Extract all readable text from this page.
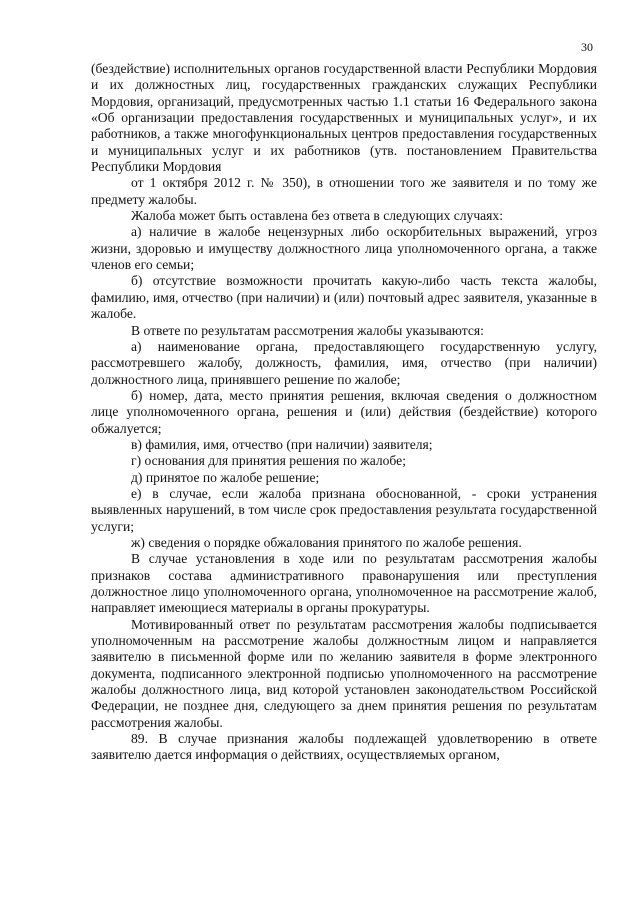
30

(бездействие) исполнительных органов государственной власти Республики Мордовия и их должностных лиц, государственных гражданских служащих Республики Мордовия, организаций, предусмотренных частью 1.1 статьи 16 Федерального закона «Об организации предоставления государственных и муниципальных услуг», и их работников, а также многофункциональных центров предоставления государственных и муниципальных услуг и их работников (утв. постановлением Правительства Республики Мордовия

от 1 октября 2012 г. № 350), в отношении того же заявителя и по тому же предмету жалобы.

Жалоба может быть оставлена без ответа в следующих случаях:

а) наличие в жалобе нецензурных либо оскорбительных выражений, угроз жизни, здоровью и имуществу должностного лица уполномоченного органа, а также членов его семьи;

б) отсутствие возможности прочитать какую-либо часть текста жалобы, фамилию, имя, отчество (при наличии) и (или) почтовый адрес заявителя, указанные в жалобе.

В ответе по результатам рассмотрения жалобы указываются:

а) наименование органа, предоставляющего государственную услугу, рассмотревшего жалобу, должность, фамилия, имя, отчество (при наличии) должностного лица, принявшего решение по жалобе;

б) номер, дата, место принятия решения, включая сведения о должностном лице уполномоченного органа, решения и (или) действия (бездействие) которого обжалуется;

в) фамилия, имя, отчество (при наличии) заявителя;

г) основания для принятия решения по жалобе;

д) принятое по жалобе решение;

е) в случае, если жалоба признана обоснованной, - сроки устранения выявленных нарушений, в том числе срок предоставления результата государственной услуги;

ж) сведения о порядке обжалования принятого по жалобе решения.

В случае установления в ходе или по результатам рассмотрения жалобы признаков состава административного правонарушения или преступления должностное лицо уполномоченного органа, уполномоченное на рассмотрение жалоб, направляет имеющиеся материалы в органы прокуратуры.

Мотивированный ответ по результатам рассмотрения жалобы подписывается уполномоченным на рассмотрение жалобы должностным лицом и направляется заявителю в письменной форме или по желанию заявителя в форме электронного документа, подписанного электронной подписью уполномоченного на рассмотрение жалобы должностного лица, вид которой установлен законодательством Российской Федерации, не позднее дня, следующего за днем принятия решения по результатам рассмотрения жалобы.

89. В случае признания жалобы подлежащей удовлетворению в ответе заявителю дается информация о действиях, осуществляемых органом,
